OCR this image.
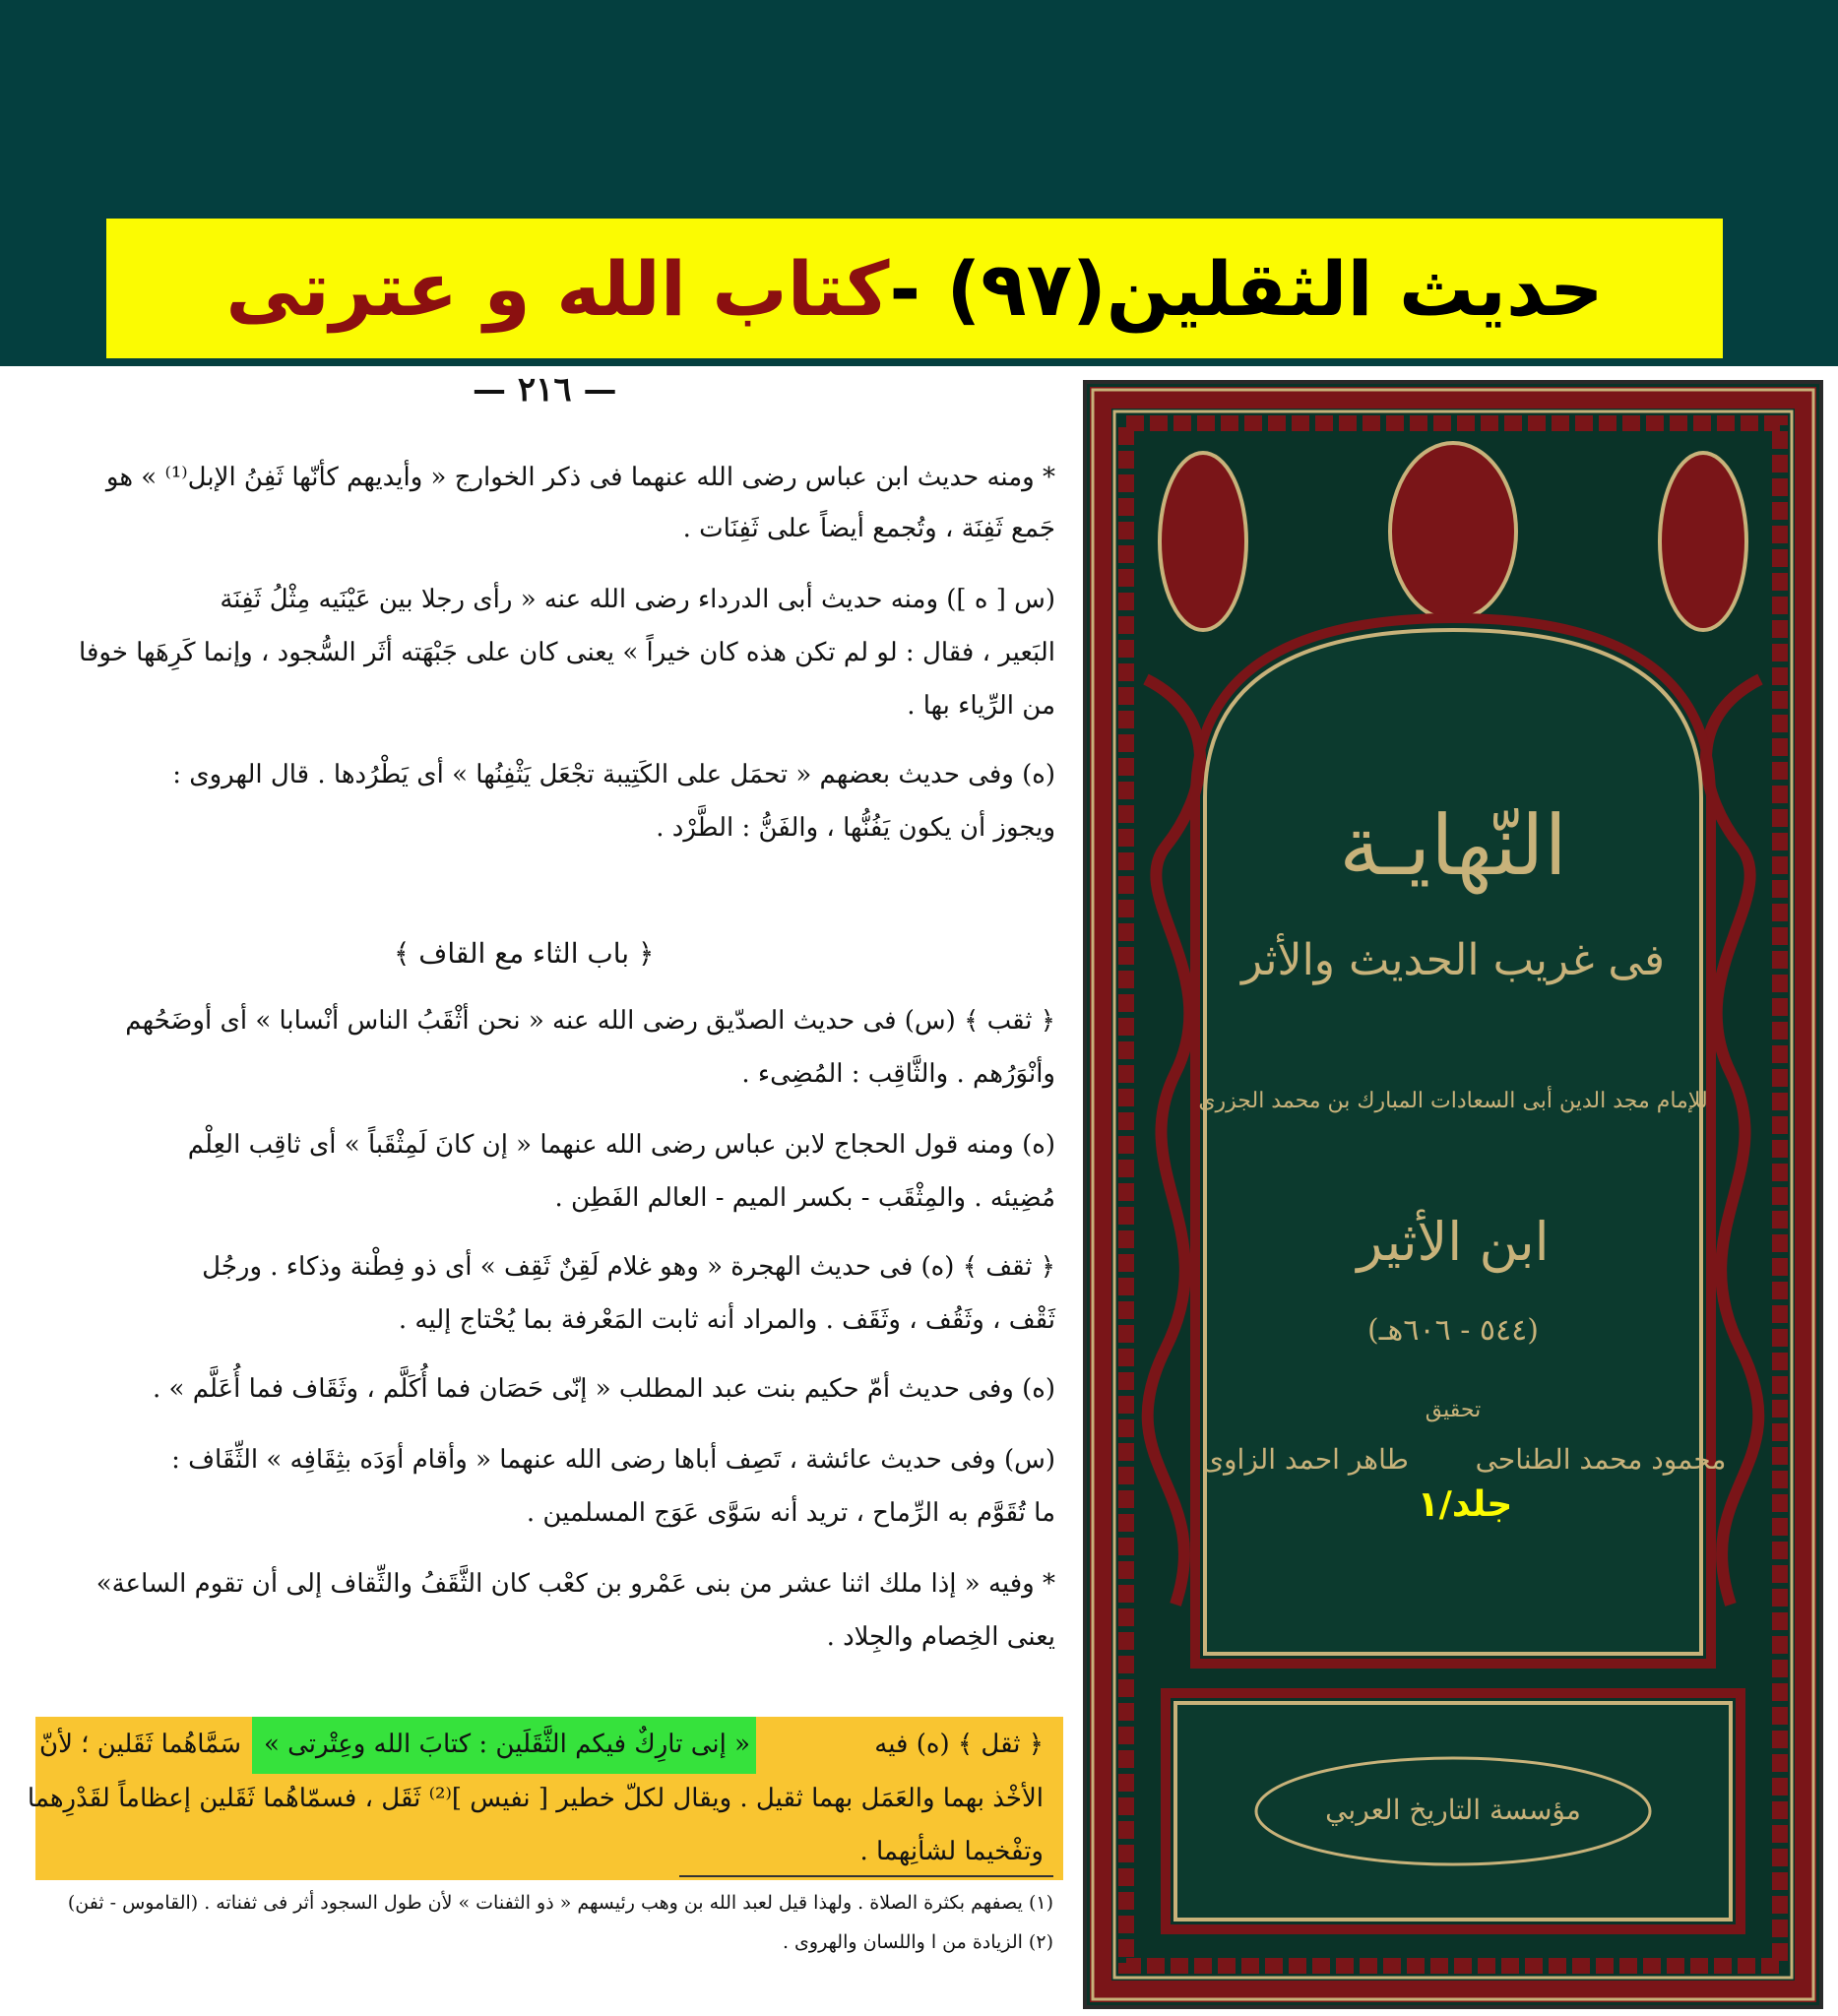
حديث الثقلين(٩٧)
-
كتاب الله و عترتی
— ٢١٦ —
* ومنه حديث ابن عباس رضى الله عنهما فى ذكر الخوارج « وأيديهم كأنّها ثَفِنُ الإبل⁽¹⁾ » هو
جَمع ثَفِنَة ، وتُجمع أيضاً على ثَفِنَات .
(س [ ه ]) ومنه حديث أبى الدرداء رضى الله عنه « رأى رجلا بين عَيْنَيه مِثْلُ ثَفِنَة
البَعير ، فقال : لو لم تكن هذه كان خيراً » يعنى كان على جَبْهَته أثَر السُّجود ، وإنما كَرِهَها خوفا
من الرِّياء بها .
(ه) وفى حديث بعضهم « تحمَل على الكَتِيبة تجْعَل يَثْفِنُها » أى يَطْرُدها . قال الهروى :
ويجوز أن يكون يَفُنُّها ، والفَنُّ : الطَّرْد .
﴿ باب الثاء مع القاف ﴾
﴿ ثقب ﴾ (س) فى حديث الصدّيق رضى الله عنه « نحن أثْقَبُ الناس أنْسابا » أى أوضَحُهم
وأنْوَرُهم . والثَّاقِب : المُضِىء .
(ه) ومنه قول الحجاج لابن عباس رضى الله عنهما « إن كانَ لَمِثْقَباً » أى ثاقِب العِلْم
مُضِيئه . والمِثْقَب - بكسر الميم - العالم الفَطِن .
﴿ ثقف ﴾ (ه) فى حديث الهجرة « وهو غلام لَقِنٌ ثَقِف » أى ذو فِطْنة وذكاء . ورجُل
ثَقْف ، وثَقُف ، وثَقَف . والمراد أنه ثابت المَعْرفة بما يُحْتاج إليه .
(ه) وفى حديث أمّ حكيم بنت عبد المطلب « إنّى حَصَان فما أُكَلَّم ، وثَقَاف فما أُعَلَّم » .
(س) وفى حديث عائشة ، تَصِف أباها رضى الله عنهما « وأقام أوَدَه بثِقَافِه » الثِّقَاف :
ما تُقَوَّم به الرِّماح ، تريد أنه سَوَّى عَوَج المسلمين .
* وفيه « إذا ملك اثنا عشر من بنى عَمْرو بن كعْب كان الثَّقَفُ والثِّقاف إلى أن تقوم الساعة»
يعنى الخِصام والجِلاد .
﴿ ثقل ﴾ (ه) فيه
« إنى تارِكٌ فيكم الثَّقَلَين : كتابَ الله وعِتْرتى »
سَمَّاهُما ثَقَلين ؛ لأنّ
الأخْذ بهما والعَمَل بهما ثقيل . ويقال لكلّ خطير [ نفيس ]⁽²⁾ ثَقَل ، فسمّاهُما ثَقَلين إعظاماً لقَدْرِهما
وتفْخيما لشأنِهما .
(١) يصفهم بكثرة الصلاة . ولهذا قيل لعبد الله بن وهب رئيسهم « ذو الثفنات » لأن طول السجود أثر فى ثفناته . (القاموس - ثفن)
(٢) الزيادة من ا واللسان والهروى .
النّهايـة
فى غريب الحديث والأثر
للإمام مجد الدين أبى السعادات المبارك بن محمد الجزرى
ابن الأثير
(٥٤٤ - ٦٠٦هـ)
تحقيق
طاهر احمد الزاوى	محمود محمد الطناحى
مؤسسة التاريخ العربي
جلد/١
